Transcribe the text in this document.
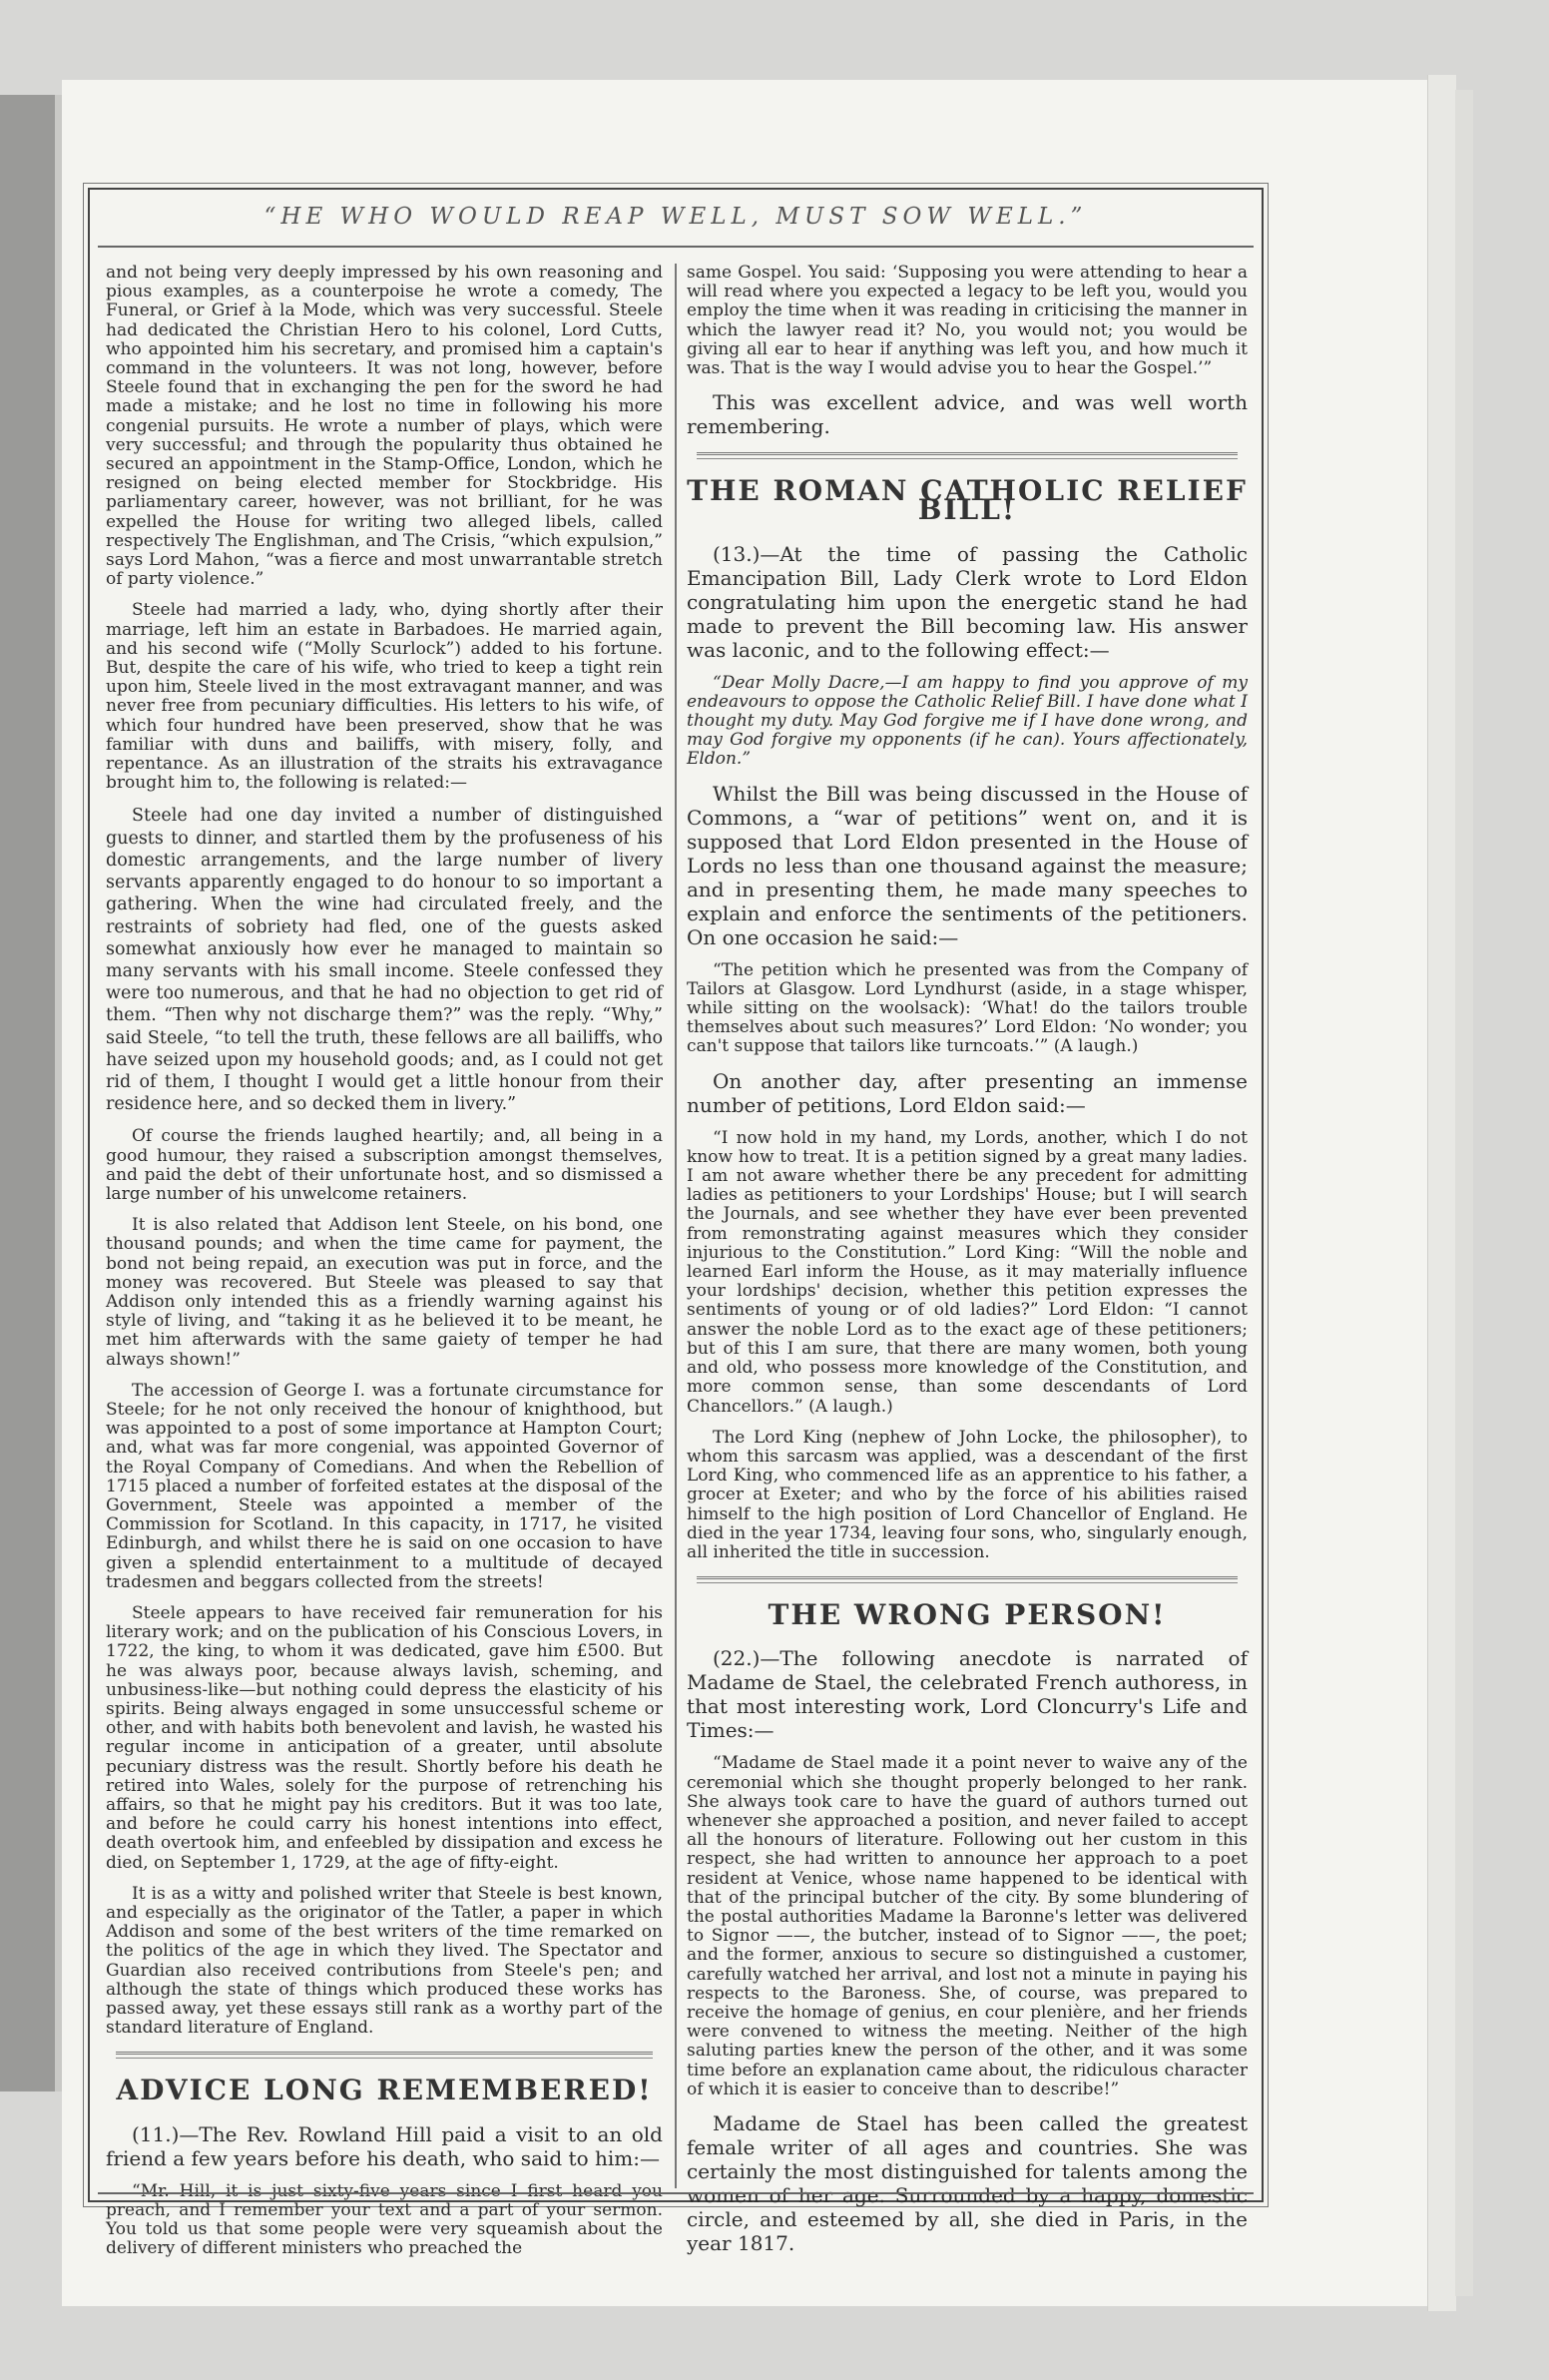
“HE WHO WOULD REAP WELL, MUST SOW WELL.”

and not being very deeply impressed by his own reasoning and pious examples, as a counterpoise he wrote a comedy, The Funeral, or Grief à la Mode, which was very successful. Steele had dedicated the Christian Hero to his colonel, Lord Cutts, who appointed him his secretary, and promised him a captain's command in the volunteers. It was not long, however, before Steele found that in exchanging the pen for the sword he had made a mistake; and he lost no time in following his more congenial pursuits. He wrote a number of plays, which were very successful; and through the popularity thus obtained he secured an appointment in the Stamp-Office, London, which he resigned on being elected member for Stockbridge. His parliamentary career, however, was not brilliant, for he was expelled the House for writing two alleged libels, called respectively The Englishman, and The Crisis, “which expulsion,” says Lord Mahon, “was a fierce and most unwarrantable stretch of party violence.”

Steele had married a lady, who, dying shortly after their marriage, left him an estate in Barbadoes. He married again, and his second wife (“Molly Scurlock”) added to his fortune. But, despite the care of his wife, who tried to keep a tight rein upon him, Steele lived in the most extravagant manner, and was never free from pecuniary difficulties. His letters to his wife, of which four hundred have been preserved, show that he was familiar with duns and bailiffs, with misery, folly, and repentance. As an illustration of the straits his extravagance brought him to, the following is related:—

Steele had one day invited a number of distinguished guests to dinner, and startled them by the profuseness of his domestic arrangements, and the large number of livery servants apparently engaged to do honour to so important a gathering. When the wine had circulated freely, and the restraints of sobriety had fled, one of the guests asked somewhat anxiously how ever he managed to maintain so many servants with his small income. Steele confessed they were too numerous, and that he had no objection to get rid of them. “Then why not discharge them?” was the reply. “Why,” said Steele, “to tell the truth, these fellows are all bailiffs, who have seized upon my household goods; and, as I could not get rid of them, I thought I would get a little honour from their residence here, and so decked them in livery.”

Of course the friends laughed heartily; and, all being in a good humour, they raised a subscription amongst themselves, and paid the debt of their unfortunate host, and so dismissed a large number of his unwelcome retainers.

It is also related that Addison lent Steele, on his bond, one thousand pounds; and when the time came for payment, the bond not being repaid, an execution was put in force, and the money was recovered. But Steele was pleased to say that Addison only intended this as a friendly warning against his style of living, and “taking it as he believed it to be meant, he met him afterwards with the same gaiety of temper he had always shown!”

The accession of George I. was a fortunate circumstance for Steele; for he not only received the honour of knighthood, but was appointed to a post of some importance at Hampton Court; and, what was far more congenial, was appointed Governor of the Royal Company of Comedians. And when the Rebellion of 1715 placed a number of forfeited estates at the disposal of the Government, Steele was appointed a member of the Commission for Scotland. In this capacity, in 1717, he visited Edinburgh, and whilst there he is said on one occasion to have given a splendid entertainment to a multitude of decayed tradesmen and beggars collected from the streets!

Steele appears to have received fair remuneration for his literary work; and on the publication of his Conscious Lovers, in 1722, the king, to whom it was dedicated, gave him £500. But he was always poor, because always lavish, scheming, and unbusiness-like—but nothing could depress the elasticity of his spirits. Being always engaged in some unsuccessful scheme or other, and with habits both benevolent and lavish, he wasted his regular income in anticipation of a greater, until absolute pecuniary distress was the result. Shortly before his death he retired into Wales, solely for the purpose of retrenching his affairs, so that he might pay his creditors. But it was too late, and before he could carry his honest intentions into effect, death overtook him, and enfeebled by dissipation and excess he died, on September 1, 1729, at the age of fifty-eight.

It is as a witty and polished writer that Steele is best known, and especially as the originator of the Tatler, a paper in which Addison and some of the best writers of the time remarked on the politics of the age in which they lived. The Spectator and Guardian also received contributions from Steele's pen; and although the state of things which produced these works has passed away, yet these essays still rank as a worthy part of the standard literature of England.

ADVICE LONG REMEMBERED!

(11.)—The Rev. Rowland Hill paid a visit to an old friend a few years before his death, who said to him:—

“Mr. Hill, it is just sixty-five years since I first heard you preach, and I remember your text and a part of your sermon. You told us that some people were very squeamish about the delivery of different ministers who preached the

same Gospel. You said: ‘Supposing you were attending to hear a will read where you expected a legacy to be left you, would you employ the time when it was reading in criticising the manner in which the lawyer read it? No, you would not; you would be giving all ear to hear if anything was left you, and how much it was. That is the way I would advise you to hear the Gospel.’”

This was excellent advice, and was well worth remembering.

THE ROMAN CATHOLIC RELIEF BILL!

(13.)—At the time of passing the Catholic Emancipation Bill, Lady Clerk wrote to Lord Eldon congratulating him upon the energetic stand he had made to prevent the Bill becoming law. His answer was laconic, and to the following effect:—

“Dear Molly Dacre,—I am happy to find you approve of my endeavours to oppose the Catholic Relief Bill. I have done what I thought my duty. May God forgive me if I have done wrong, and may God forgive my opponents (if he can). Yours affectionately, Eldon.”

Whilst the Bill was being discussed in the House of Commons, a “war of petitions” went on, and it is supposed that Lord Eldon presented in the House of Lords no less than one thousand against the measure; and in presenting them, he made many speeches to explain and enforce the sentiments of the petitioners. On one occasion he said:—

“The petition which he presented was from the Company of Tailors at Glasgow. Lord Lyndhurst (aside, in a stage whisper, while sitting on the woolsack): ‘What! do the tailors trouble themselves about such measures?’ Lord Eldon: ‘No wonder; you can't suppose that tailors like turncoats.’” (A laugh.)

On another day, after presenting an immense number of petitions, Lord Eldon said:—

“I now hold in my hand, my Lords, another, which I do not know how to treat. It is a petition signed by a great many ladies. I am not aware whether there be any precedent for admitting ladies as petitioners to your Lordships' House; but I will search the Journals, and see whether they have ever been prevented from remonstrating against measures which they consider injurious to the Constitution.” Lord King: “Will the noble and learned Earl inform the House, as it may materially influence your lordships' decision, whether this petition expresses the sentiments of young or of old ladies?” Lord Eldon: “I cannot answer the noble Lord as to the exact age of these petitioners; but of this I am sure, that there are many women, both young and old, who possess more knowledge of the Constitution, and more common sense, than some descendants of Lord Chancellors.” (A laugh.)

The Lord King (nephew of John Locke, the philosopher), to whom this sarcasm was applied, was a descendant of the first Lord King, who commenced life as an apprentice to his father, a grocer at Exeter; and who by the force of his abilities raised himself to the high position of Lord Chancellor of England. He died in the year 1734, leaving four sons, who, singularly enough, all inherited the title in succession.

THE WRONG PERSON!

(22.)—The following anecdote is narrated of Madame de Stael, the celebrated French authoress, in that most interesting work, Lord Cloncurry's Life and Times:—

“Madame de Stael made it a point never to waive any of the ceremonial which she thought properly belonged to her rank. She always took care to have the guard of authors turned out whenever she approached a position, and never failed to accept all the honours of literature. Following out her custom in this respect, she had written to announce her approach to a poet resident at Venice, whose name happened to be identical with that of the principal butcher of the city. By some blundering of the postal authorities Madame la Baronne's letter was delivered to Signor ——, the butcher, instead of to Signor ——, the poet; and the former, anxious to secure so distinguished a customer, carefully watched her arrival, and lost not a minute in paying his respects to the Baroness. She, of course, was prepared to receive the homage of genius, en cour plenière, and her friends were convened to witness the meeting. Neither of the high saluting parties knew the person of the other, and it was some time before an explanation came about, the ridiculous character of which it is easier to conceive than to describe!”

Madame de Stael has been called the greatest female writer of all ages and countries. She was certainly the most distinguished for talents among the women of her age. Surrounded by a happy, domestic circle, and esteemed by all, she died in Paris, in the year 1817.
